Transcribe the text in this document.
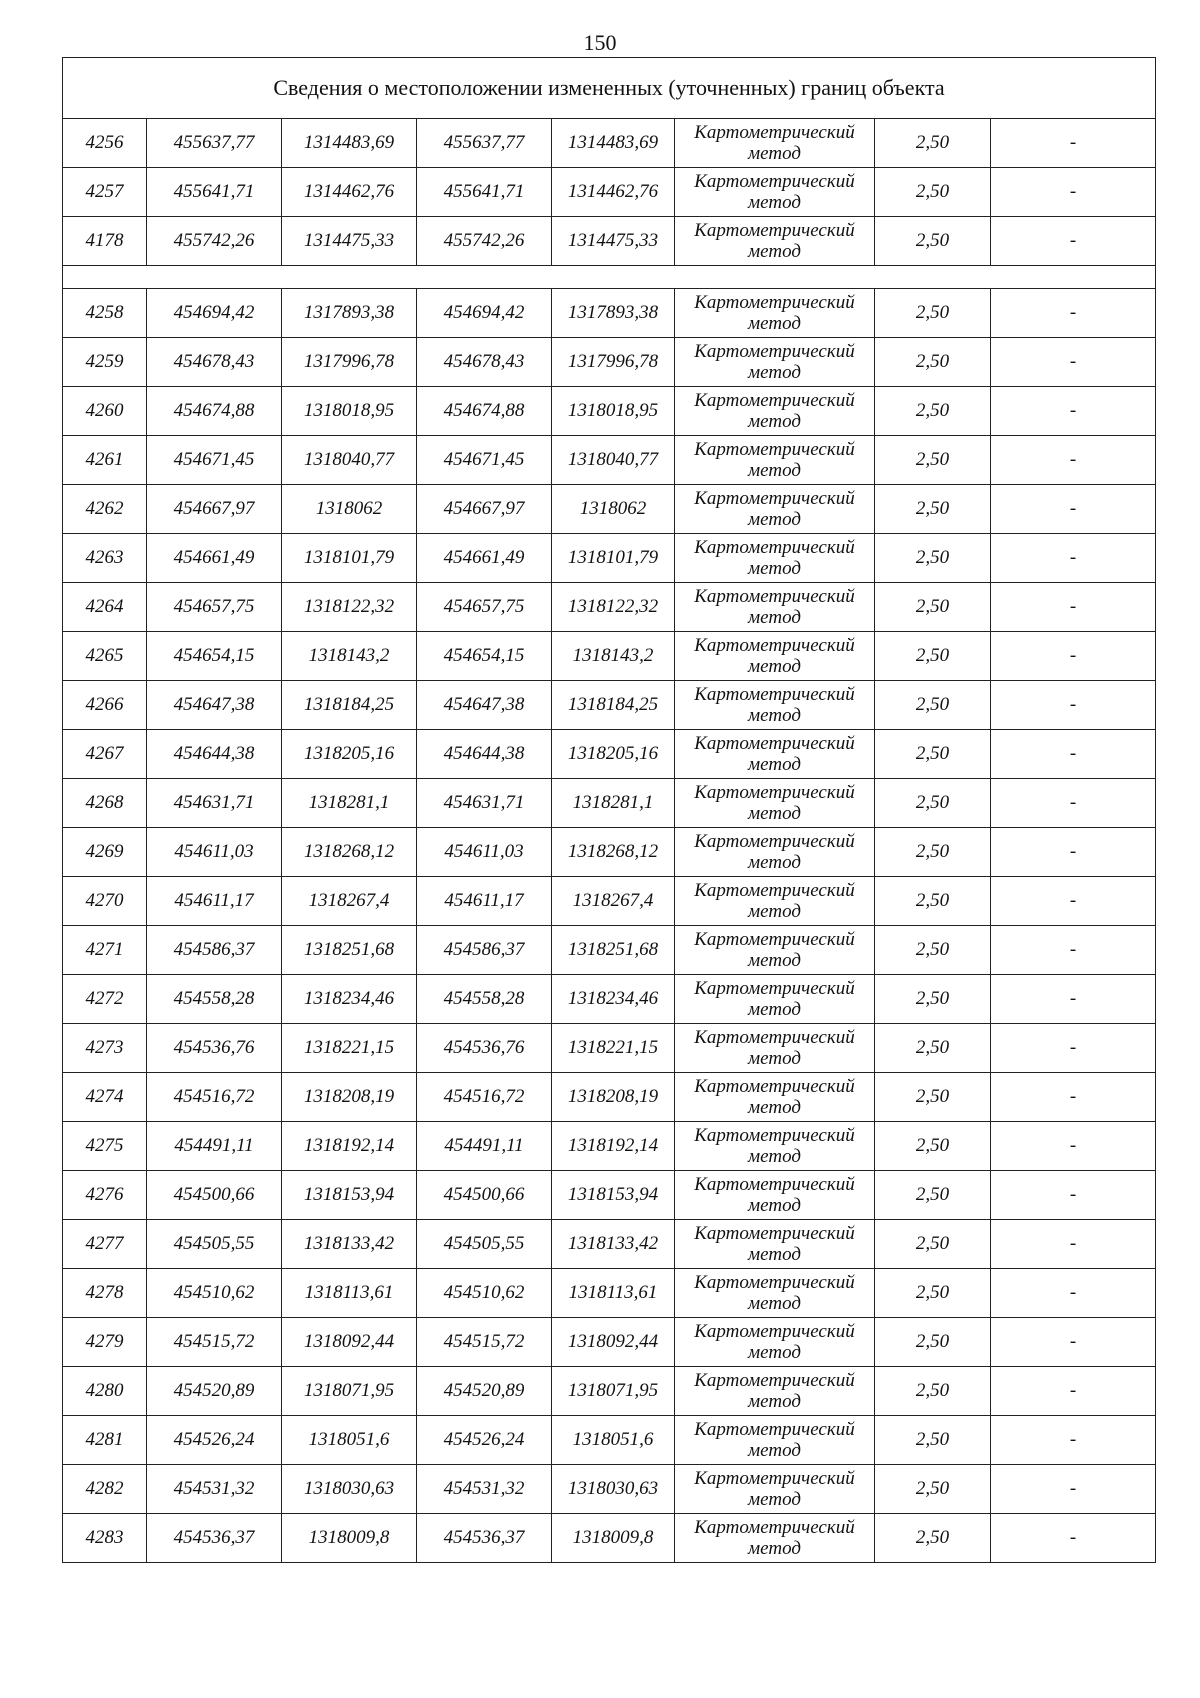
150
Сведения о местоположении измененных (уточненных) границ объекта							
4256	455637,77	1314483,69	455637,77	1314483,69	Картометрический метод	2,50	-
4257	455641,71	1314462,76	455641,71	1314462,76	Картометрический метод	2,50	-
4178	455742,26	1314475,33	455742,26	1314475,33	Картометрический метод	2,50	-

4258	454694,42	1317893,38	454694,42	1317893,38	Картометрический метод	2,50	-
4259	454678,43	1317996,78	454678,43	1317996,78	Картометрический метод	2,50	-
4260	454674,88	1318018,95	454674,88	1318018,95	Картометрический метод	2,50	-
4261	454671,45	1318040,77	454671,45	1318040,77	Картометрический метод	2,50	-
4262	454667,97	1318062	454667,97	1318062	Картометрический метод	2,50	-
4263	454661,49	1318101,79	454661,49	1318101,79	Картометрический метод	2,50	-
4264	454657,75	1318122,32	454657,75	1318122,32	Картометрический метод	2,50	-
4265	454654,15	1318143,2	454654,15	1318143,2	Картометрический метод	2,50	-
4266	454647,38	1318184,25	454647,38	1318184,25	Картометрический метод	2,50	-
4267	454644,38	1318205,16	454644,38	1318205,16	Картометрический метод	2,50	-
4268	454631,71	1318281,1	454631,71	1318281,1	Картометрический метод	2,50	-
4269	454611,03	1318268,12	454611,03	1318268,12	Картометрический метод	2,50	-
4270	454611,17	1318267,4	454611,17	1318267,4	Картометрический метод	2,50	-
4271	454586,37	1318251,68	454586,37	1318251,68	Картометрический метод	2,50	-
4272	454558,28	1318234,46	454558,28	1318234,46	Картометрический метод	2,50	-
4273	454536,76	1318221,15	454536,76	1318221,15	Картометрический метод	2,50	-
4274	454516,72	1318208,19	454516,72	1318208,19	Картометрический метод	2,50	-
4275	454491,11	1318192,14	454491,11	1318192,14	Картометрический метод	2,50	-
4276	454500,66	1318153,94	454500,66	1318153,94	Картометрический метод	2,50	-
4277	454505,55	1318133,42	454505,55	1318133,42	Картометрический метод	2,50	-
4278	454510,62	1318113,61	454510,62	1318113,61	Картометрический метод	2,50	-
4279	454515,72	1318092,44	454515,72	1318092,44	Картометрический метод	2,50	-
4280	454520,89	1318071,95	454520,89	1318071,95	Картометрический метод	2,50	-
4281	454526,24	1318051,6	454526,24	1318051,6	Картометрический метод	2,50	-
4282	454531,32	1318030,63	454531,32	1318030,63	Картометрический метод	2,50	-
4283	454536,37	1318009,8	454536,37	1318009,8	Картометрический метод	2,50	-
